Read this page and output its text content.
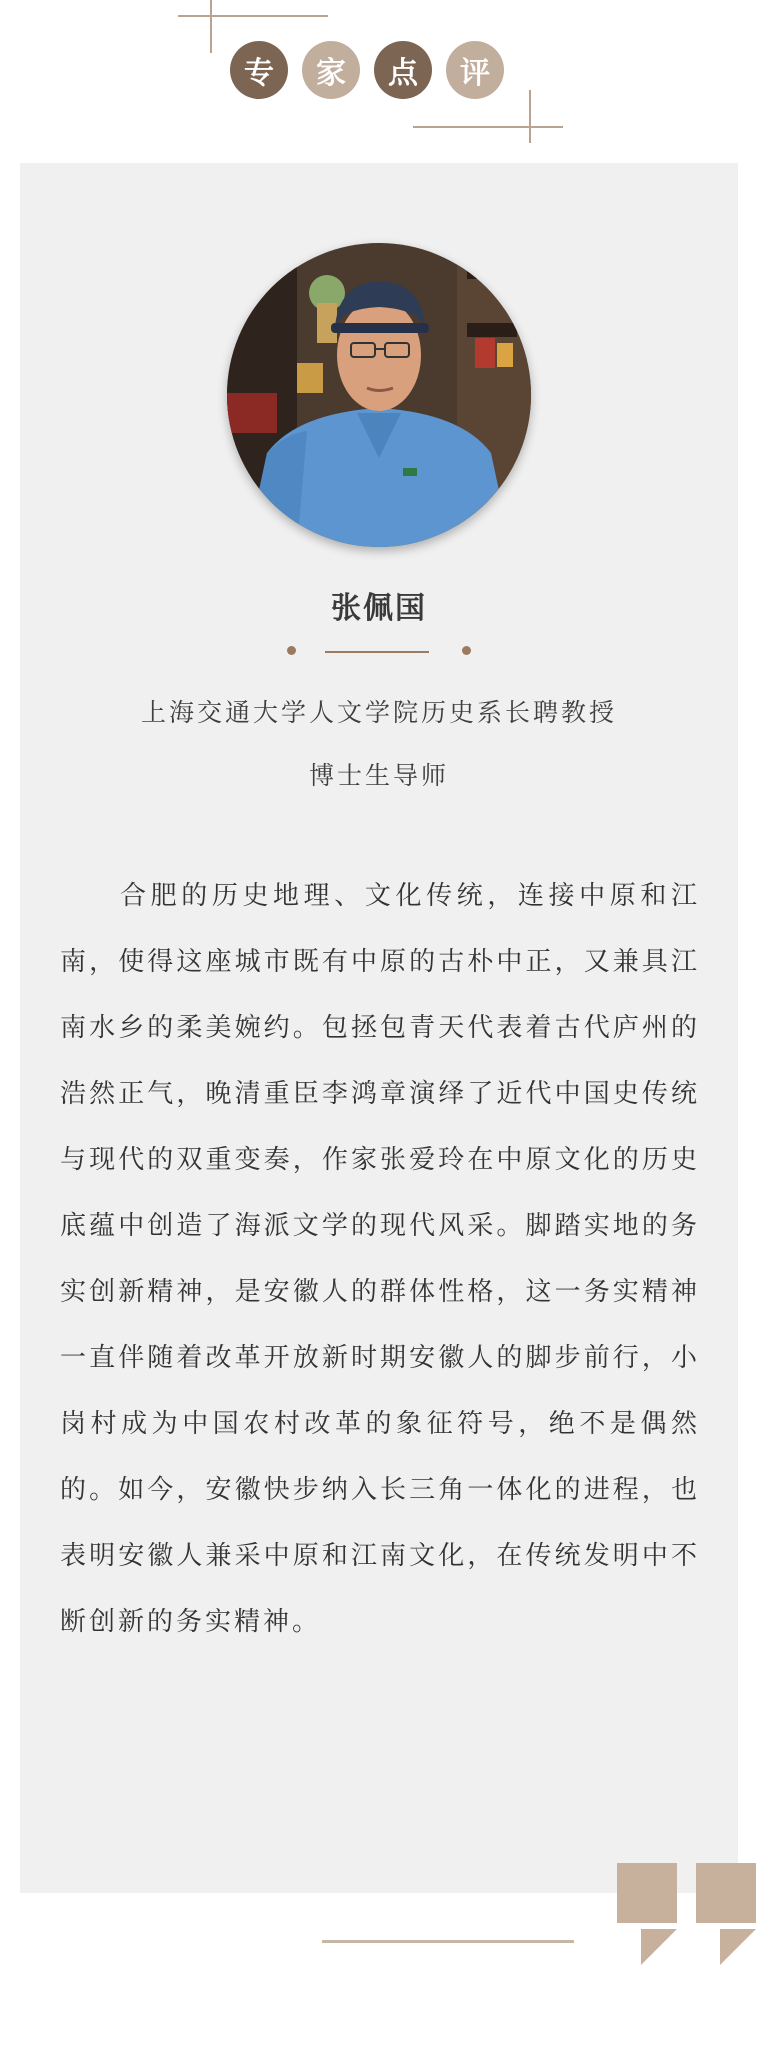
专	家	点	评
张佩国
上海交通大学人文学院历史系长聘教授
博士生导师

合肥的历史地理、文化传统，连接中原和江南，使得这座城市既有中原的古朴中正，又兼具江南水乡的柔美婉约。包拯包青天代表着古代庐州的浩然正气，晚清重臣李鸿章演绎了近代中国史传统与现代的双重变奏，作家张爱玲在中原文化的历史底蕴中创造了海派文学的现代风采。脚踏实地的务实创新精神，是安徽人的群体性格，这一务实精神一直伴随着改革开放新时期安徽人的脚步前行，小岗村成为中国农村改革的象征符号，绝不是偶然的。如今，安徽快步纳入长三角一体化的进程，也表明安徽人兼采中原和江南文化，在传统发明中不断创新的务实精神。
